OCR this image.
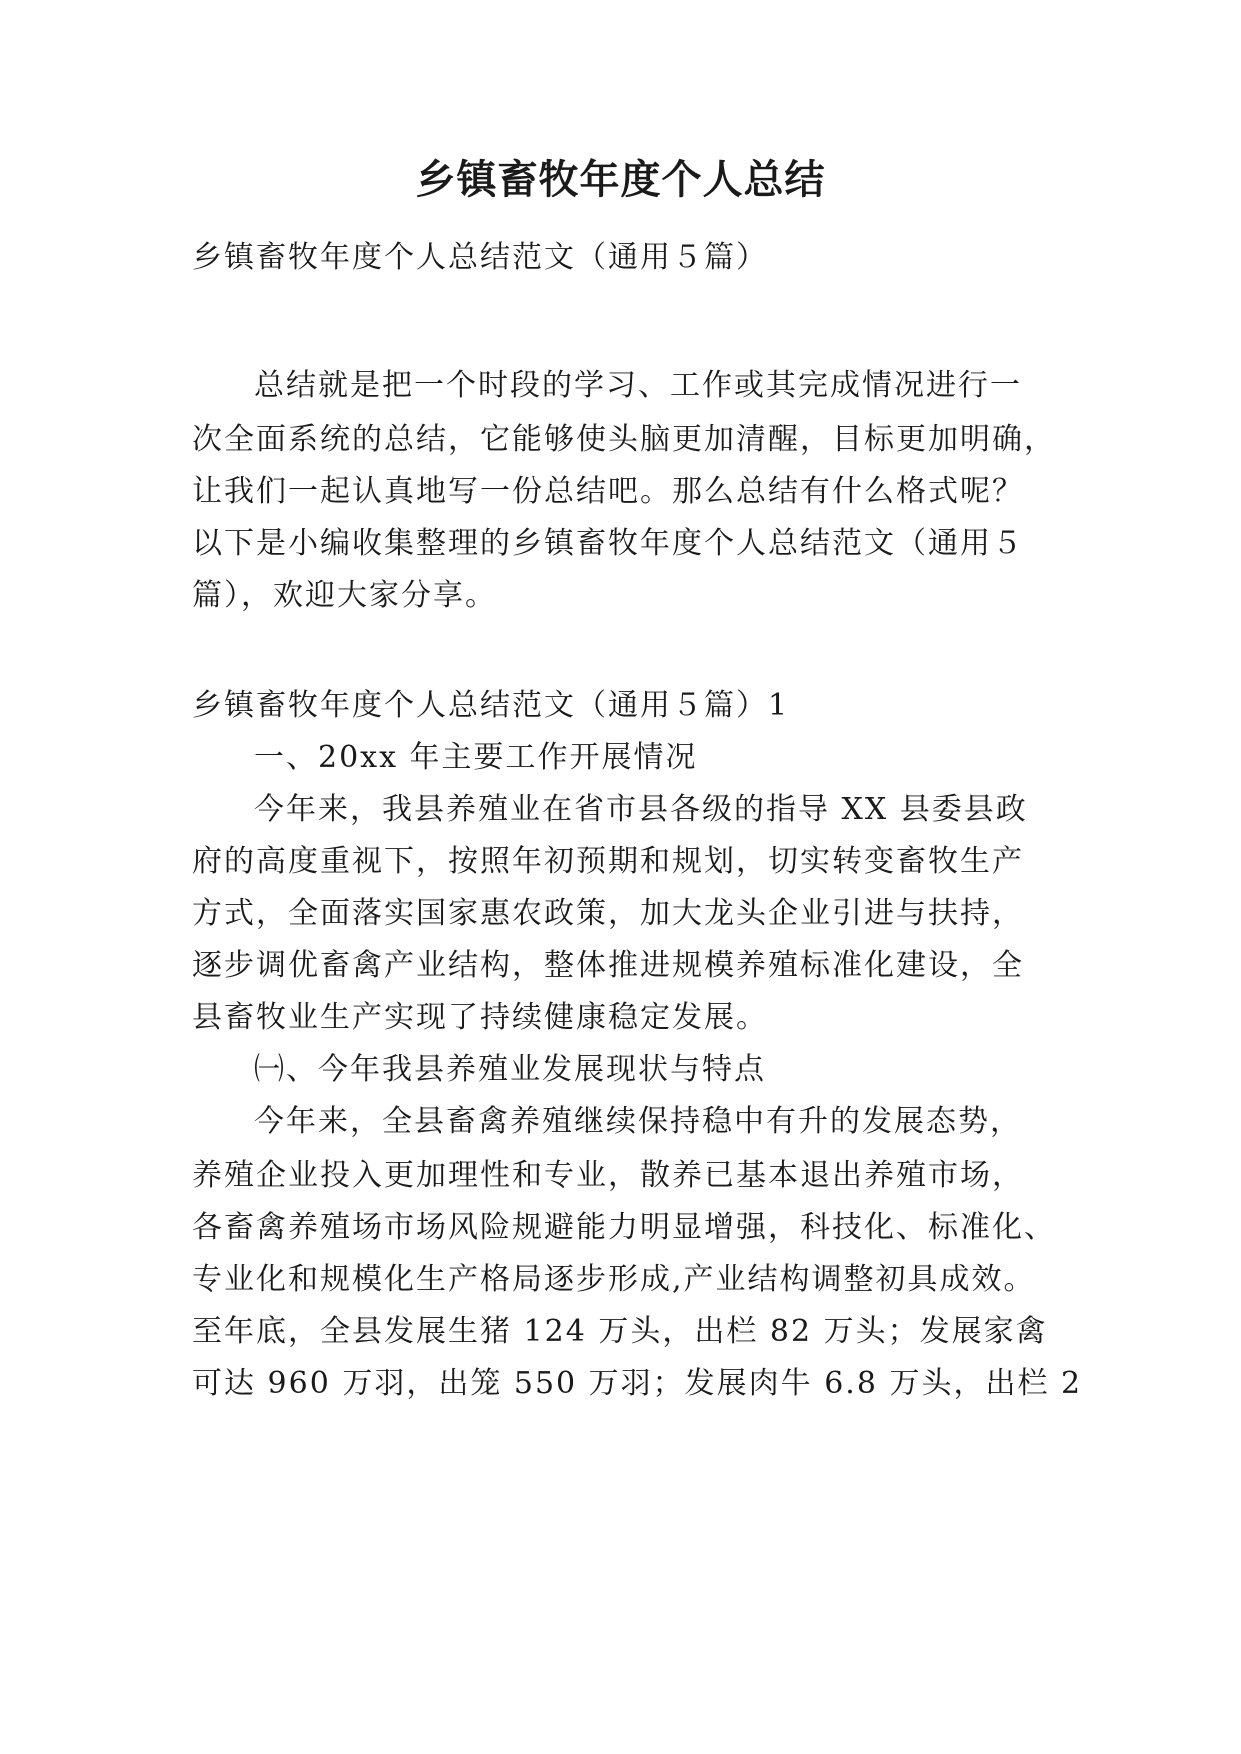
乡镇畜牧年度个人总结
乡镇畜牧年度个人总结范文（通用５篇）
总结就是把一个时段的学习、工作或其完成情况进行一
次全面系统的总结，它能够使头脑更加清醒，目标更加明确，
让我们一起认真地写一份总结吧。那么总结有什么格式呢？
以下是小编收集整理的乡镇畜牧年度个人总结范文（通用５
篇），欢迎大家分享。
乡镇畜牧年度个人总结范文（通用５篇）1
一、20xx 年主要工作开展情况
今年来，我县养殖业在省市县各级的指导 XX 县委县政
府的高度重视下，按照年初预期和规划，切实转变畜牧生产
方式，全面落实国家惠农政策，加大龙头企业引进与扶持，
逐步调优畜禽产业结构，整体推进规模养殖标准化建设，全
县畜牧业生产实现了持续健康稳定发展。
㈠、今年我县养殖业发展现状与特点
今年来，全县畜禽养殖继续保持稳中有升的发展态势，
养殖企业投入更加理性和专业，散养已基本退出养殖市场，
各畜禽养殖场市场风险规避能力明显增强，科技化、标准化、
专业化和规模化生产格局逐步形成,产业结构调整初具成效。
至年底，全县发展生猪 124 万头，出栏 82 万头；发展家禽
可达 960 万羽，出笼 550 万羽；发展肉牛 6.8 万头，出栏 2
